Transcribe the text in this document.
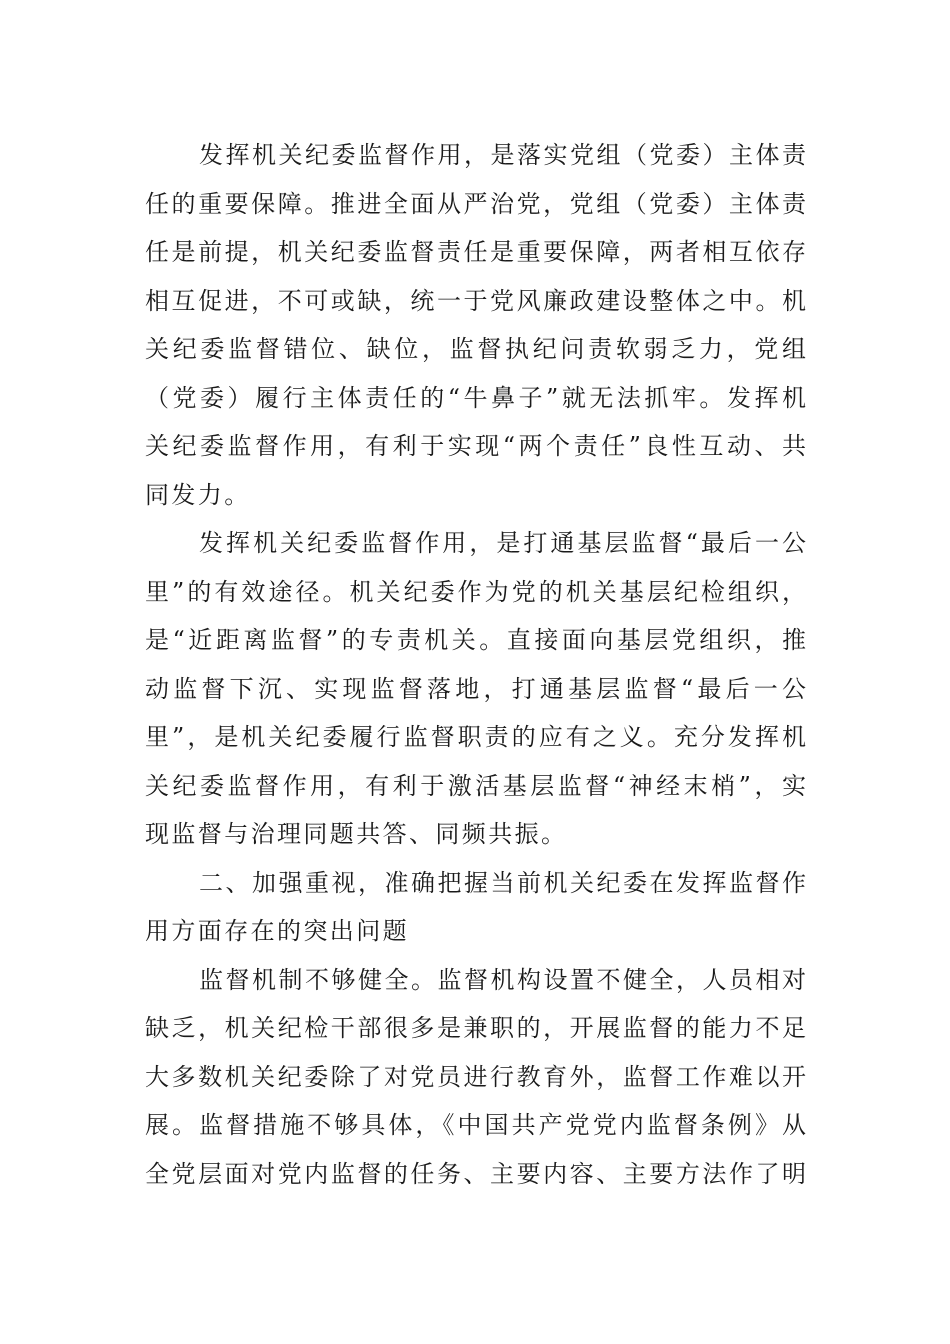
发挥机关纪委监督作用，是落实党组（党委）主体责
任的重要保障。推进全面从严治党，党组（党委）主体责
任是前提，机关纪委监督责任是重要保障，两者相互依存
相互促进，不可或缺，统一于党风廉政建设整体之中。机
关纪委监督错位、缺位，监督执纪问责软弱乏力，党组
（党委）履行主体责任的“牛鼻子”就无法抓牢。发挥机
关纪委监督作用，有利于实现“两个责任”良性互动、共
同发力。
发挥机关纪委监督作用，是打通基层监督“最后一公
里”的有效途径。机关纪委作为党的机关基层纪检组织，
是“近距离监督”的专责机关。直接面向基层党组织，推
动监督下沉、实现监督落地，打通基层监督“最后一公
里”，是机关纪委履行监督职责的应有之义。充分发挥机
关纪委监督作用，有利于激活基层监督“神经末梢”，实
现监督与治理同题共答、同频共振。
二、加强重视，准确把握当前机关纪委在发挥监督作
用方面存在的突出问题
监督机制不够健全。监督机构设置不健全，人员相对
缺乏，机关纪检干部很多是兼职的，开展监督的能力不足
大多数机关纪委除了对党员进行教育外，监督工作难以开
展。监督措施不够具体，《中国共产党党内监督条例》从
全党层面对党内监督的任务、主要内容、主要方法作了明
